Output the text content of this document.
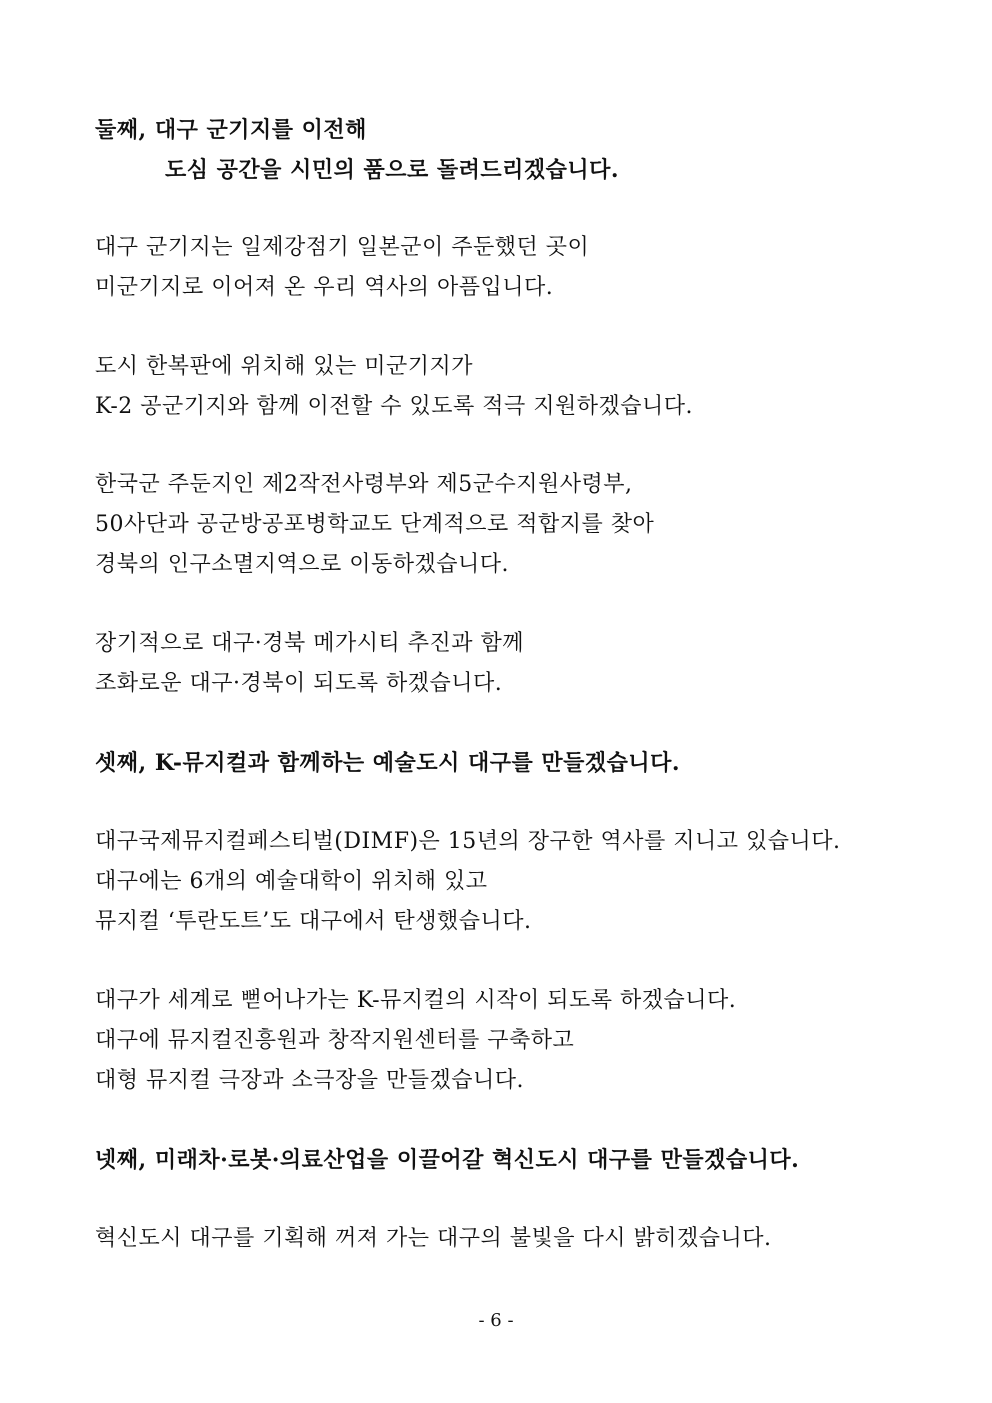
둘째, 대구 군기지를 이전해
도심 공간을 시민의 품으로 돌려드리겠습니다.
대구 군기지는 일제강점기 일본군이 주둔했던 곳이
미군기지로 이어져 온 우리 역사의 아픔입니다.
도시 한복판에 위치해 있는 미군기지가
K-2 공군기지와 함께 이전할 수 있도록 적극 지원하겠습니다.
한국군 주둔지인 제2작전사령부와 제5군수지원사령부,
50사단과 공군방공포병학교도 단계적으로 적합지를 찾아
경북의 인구소멸지역으로 이동하겠습니다.
장기적으로 대구·경북 메가시티 추진과 함께
조화로운 대구·경북이 되도록 하겠습니다.
셋째, K-뮤지컬과 함께하는 예술도시 대구를 만들겠습니다.
대구국제뮤지컬페스티벌(DIMF)은 15년의 장구한 역사를 지니고 있습니다.
대구에는 6개의 예술대학이 위치해 있고
뮤지컬 ‘투란도트’도 대구에서 탄생했습니다.
대구가 세계로 뻗어나가는 K-뮤지컬의 시작이 되도록 하겠습니다.
대구에 뮤지컬진흥원과 창작지원센터를 구축하고
대형 뮤지컬 극장과 소극장을 만들겠습니다.
넷째, 미래차·로봇·의료산업을 이끌어갈 혁신도시 대구를 만들겠습니다.
혁신도시 대구를 기획해 꺼져 가는 대구의 불빛을 다시 밝히겠습니다.
- 6 -
